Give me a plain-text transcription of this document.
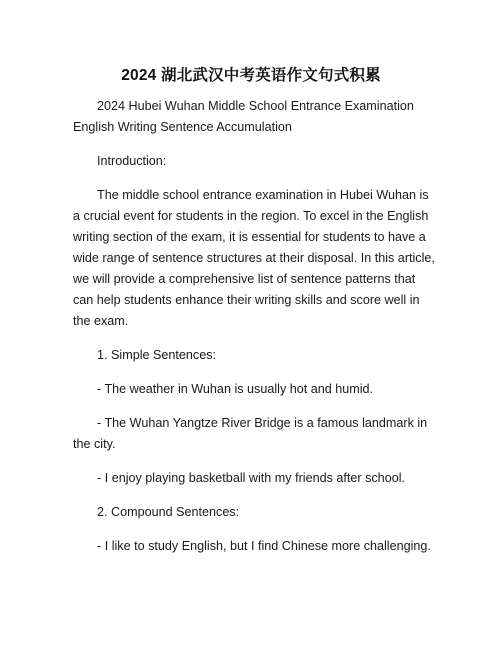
2024 湖北武汉中考英语作文句式积累

2024 Hubei Wuhan Middle School Entrance Examination English Writing Sentence Accumulation

Introduction:

The middle school entrance examination in Hubei Wuhan is a crucial event for students in the region. To excel in the English writing section of the exam, it is essential for students to have a wide range of sentence structures at their disposal. In this article, we will provide a comprehensive list of sentence patterns that can help students enhance their writing skills and score well in the exam.

1. Simple Sentences:

- The weather in Wuhan is usually hot and humid.

- The Wuhan Yangtze River Bridge is a famous landmark in the city.

- I enjoy playing basketball with my friends after school.

2. Compound Sentences:

- I like to study English, but I find Chinese more challenging.
